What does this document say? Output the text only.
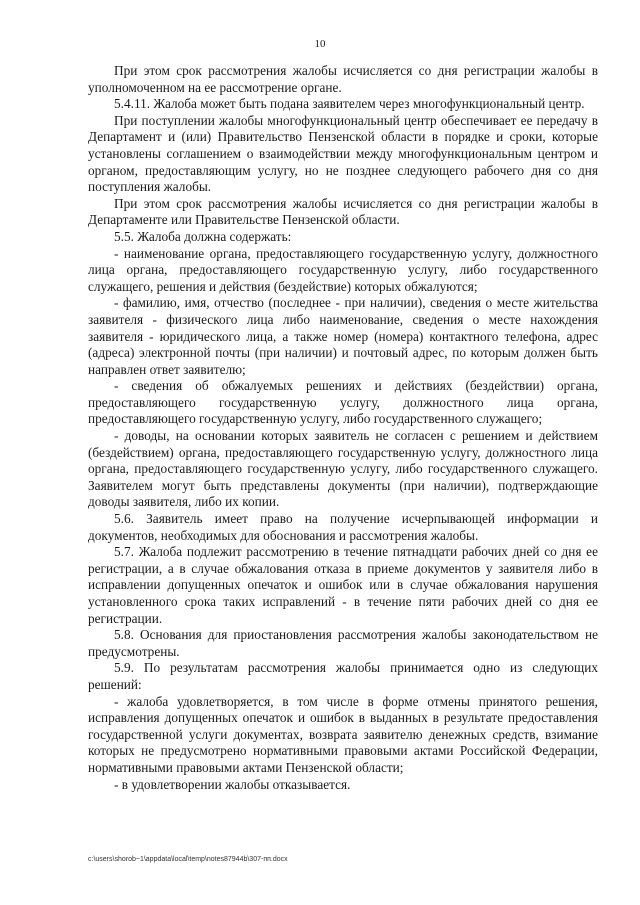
10

При этом срок рассмотрения жалобы исчисляется со дня регистрации жалобы в уполномоченном на ее рассмотрение органе.

5.4.11. Жалоба может быть подана заявителем через многофункциональный центр.

При поступлении жалобы многофункциональный центр обеспечивает ее передачу в Департамент и (или) Правительство Пензенской области в порядке и сроки, которые установлены соглашением о взаимодействии между многофункциональным центром и органом, предоставляющим услугу, но не позднее следующего рабочего дня со дня поступления жалобы.

При этом срок рассмотрения жалобы исчисляется со дня регистрации жалобы в Департаменте или Правительстве Пензенской области.

5.5. Жалоба должна содержать:

- наименование органа, предоставляющего государственную услугу, должностного лица органа, предоставляющего государственную услугу, либо государственного служащего, решения и действия (бездействие) которых обжалуются;

- фамилию, имя, отчество (последнее - при наличии), сведения о месте жительства заявителя - физического лица либо наименование, сведения о месте нахождения заявителя - юридического лица, а также номер (номера) контактного телефона, адрес (адреса) электронной почты (при наличии) и почтовый адрес, по которым должен быть направлен ответ заявителю;

- сведения об обжалуемых решениях и действиях (бездействии) органа, предоставляющего государственную услугу, должностного лица органа, предоставляющего государственную услугу, либо государственного служащего;

- доводы, на основании которых заявитель не согласен с решением и действием (бездействием) органа, предоставляющего государственную услугу, должностного лица органа, предоставляющего государственную услугу, либо государственного служащего. Заявителем могут быть представлены документы (при наличии), подтверждающие доводы заявителя, либо их копии.

5.6. Заявитель имеет право на получение исчерпывающей информации и документов, необходимых для обоснования и рассмотрения жалобы.

5.7. Жалоба подлежит рассмотрению в течение пятнадцати рабочих дней со дня ее регистрации, а в случае обжалования отказа в приеме документов у заявителя либо в исправлении допущенных опечаток и ошибок или в случае обжалования нарушения установленного срока таких исправлений - в течение пяти рабочих дней со дня ее регистрации.

5.8. Основания для приостановления рассмотрения жалобы законодательством не предусмотрены.

5.9. По результатам рассмотрения жалобы принимается одно из следующих решений:

- жалоба удовлетворяется, в том числе в форме отмены принятого решения, исправления допущенных опечаток и ошибок в выданных в результате предоставления государственной услуги документах, возврата заявителю денежных средств, взимание которых не предусмотрено нормативными правовыми актами Российской Федерации, нормативными правовыми актами Пензенской области;

- в удовлетворении жалобы отказывается.

c:\users\shorob~1\appdata\local\temp\notes87944b\307-пп.docx
